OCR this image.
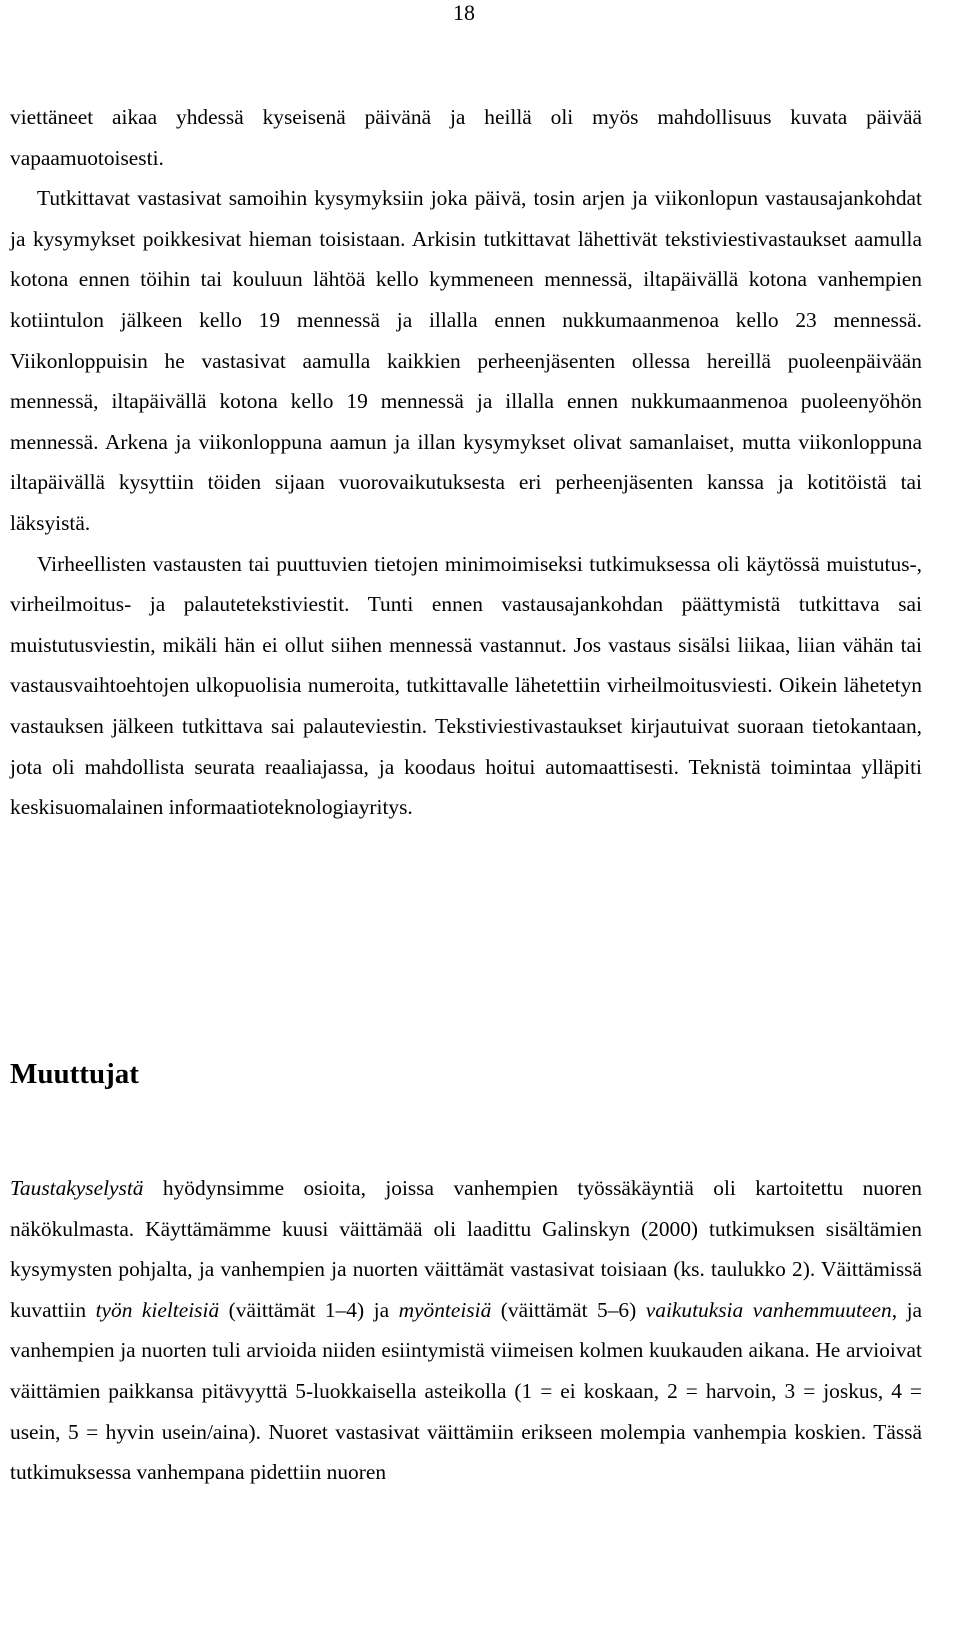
18

viettäneet aikaa yhdessä kyseisenä päivänä ja heillä oli myös mahdollisuus kuvata päivää vapaamuotoisesti.

Tutkittavat vastasivat samoihin kysymyksiin joka päivä, tosin arjen ja viikonlopun vastausajankohdat ja kysymykset poikkesivat hieman toisistaan. Arkisin tutkittavat lähettivät tekstiviestivastaukset aamulla kotona ennen töihin tai kouluun lähtöä kello kymmeneen mennessä, iltapäivällä kotona vanhempien kotiintulon jälkeen kello 19 mennessä ja illalla ennen nukkumaanmenoa kello 23 mennessä. Viikonloppuisin he vastasivat aamulla kaikkien perheenjäsenten ollessa hereillä puoleenpäivään mennessä, iltapäivällä kotona kello 19 mennessä ja illalla ennen nukkumaanmenoa puoleenyöhön mennessä. Arkena ja viikonloppuna aamun ja illan kysymykset olivat samanlaiset, mutta viikonloppuna iltapäivällä kysyttiin töiden sijaan vuorovaikutuksesta eri perheenjäsenten kanssa ja kotitöistä tai läksyistä.

Virheellisten vastausten tai puuttuvien tietojen minimoimiseksi tutkimuksessa oli käytössä muistutus-, virheilmoitus- ja palautetekstiviestit. Tunti ennen vastausajankohdan päättymistä tutkittava sai muistutusviestin, mikäli hän ei ollut siihen mennessä vastannut. Jos vastaus sisälsi liikaa, liian vähän tai vastausvaihtoehtojen ulkopuolisia numeroita, tutkittavalle lähetettiin virheilmoitusviesti. Oikein lähetetyn vastauksen jälkeen tutkittava sai palauteviestin. Tekstiviestivastaukset kirjautuivat suoraan tietokantaan, jota oli mahdollista seurata reaaliajassa, ja koodaus hoitui automaattisesti. Teknistä toimintaa ylläpiti keskisuomalainen informaatioteknologiayritys.

Muuttujat

Taustakyselystä hyödynsimme osioita, joissa vanhempien työssäkäyntiä oli kartoitettu nuoren näkökulmasta. Käyttämämme kuusi väittämää oli laadittu Galinskyn (2000) tutkimuksen sisältämien kysymysten pohjalta, ja vanhempien ja nuorten väittämät vastasivat toisiaan (ks. taulukko 2). Väittämissä kuvattiin työn kielteisiä (väittämät 1–4) ja myönteisiä (väittämät 5–6) vaikutuksia vanhemmuuteen, ja vanhempien ja nuorten tuli arvioida niiden esiintymistä viimeisen kolmen kuukauden aikana. He arvioivat väittämien paikkansa pitävyyttä 5-luokkaisella asteikolla (1 = ei koskaan, 2 = harvoin, 3 = joskus, 4 = usein, 5 = hyvin usein/aina). Nuoret vastasivat väittämiin erikseen molempia vanhempia koskien. Tässä tutkimuksessa vanhempana pidettiin nuoren
